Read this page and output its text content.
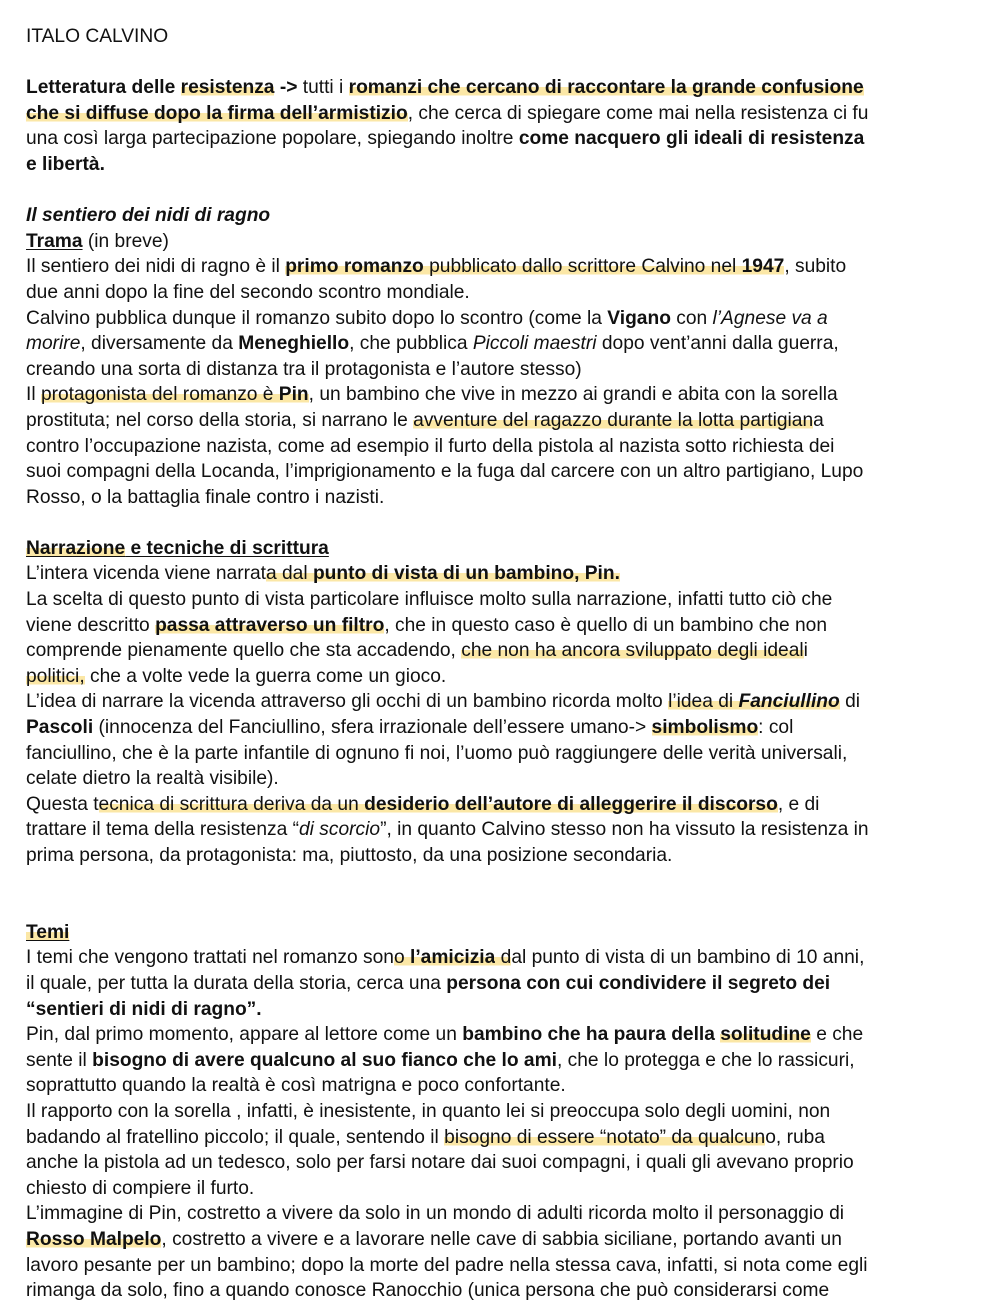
ITALO CALVINO
Letteratura delle resistenza -> tutti i romanzi che cercano di raccontare la grande confusione
che si diffuse dopo la firma dell’armistizio, che cerca di spiegare come mai nella resistenza ci fu
una così larga partecipazione popolare, spiegando inoltre come nacquero gli ideali di resistenza
e libertà.
Il sentiero dei nidi di ragno
Trama (in breve)
Il sentiero dei nidi di ragno è il primo romanzo pubblicato dallo scrittore Calvino nel 1947, subito
due anni dopo la fine del secondo scontro mondiale.
Calvino pubblica dunque il romanzo subito dopo lo scontro (come la Vigano con l’Agnese va a
morire, diversamente da Meneghiello, che pubblica Piccoli maestri dopo vent’anni dalla guerra,
creando una sorta di distanza tra il protagonista e l’autore stesso)
Il protagonista del romanzo è Pin, un bambino che vive in mezzo ai grandi e abita con la sorella
prostituta; nel corso della storia, si narrano le avventure del ragazzo durante la lotta partigiana
contro l’occupazione nazista, come ad esempio il furto della pistola al nazista sotto richiesta dei
suoi compagni della Locanda, l’imprigionamento e la fuga dal carcere con un altro partigiano, Lupo
Rosso, o la battaglia finale contro i nazisti.
Narrazione e tecniche di scrittura
L’intera vicenda viene narrata dal punto di vista di un bambino, Pin.
La scelta di questo punto di vista particolare influisce molto sulla narrazione, infatti tutto ciò che
viene descritto passa attraverso un filtro, che in questo caso è quello di un bambino che non
comprende pienamente quello che sta accadendo, che non ha ancora sviluppato degli ideali
politici, che a volte vede la guerra come un gioco.
L’idea di narrare la vicenda attraverso gli occhi di un bambino ricorda molto l’idea di Fanciullino di
Pascoli (innocenza del Fanciullino, sfera irrazionale dell’essere umano-> simbolismo: col
fanciullino, che è la parte infantile di ognuno fi noi, l’uomo può raggiungere delle verità universali,
celate dietro la realtà visibile).
Questa tecnica di scrittura deriva da un desiderio dell’autore di alleggerire il discorso, e di
trattare il tema della resistenza “di scorcio”, in quanto Calvino stesso non ha vissuto la resistenza in
prima persona, da protagonista: ma, piuttosto, da una posizione secondaria.
Temi
I temi che vengono trattati nel romanzo sono l’amicizia dal punto di vista di un bambino di 10 anni,
il quale, per tutta la durata della storia, cerca una persona con cui condividere il segreto dei
“sentieri di nidi di ragno”.
Pin, dal primo momento, appare al lettore come un bambino che ha paura della solitudine e che
sente il bisogno di avere qualcuno al suo fianco che lo ami, che lo protegga e che lo rassicuri,
soprattutto quando la realtà è così matrigna e poco confortante.
Il rapporto con la sorella , infatti, è inesistente, in quanto lei si preoccupa solo degli uomini, non
badando al fratellino piccolo; il quale, sentendo il bisogno di essere “notato” da qualcuno, ruba
anche la pistola ad un tedesco, solo per farsi notare dai suoi compagni, i quali gli avevano proprio
chiesto di compiere il furto.
L’immagine di Pin, costretto a vivere da solo in un mondo di adulti ricorda molto il personaggio di
Rosso Malpelo, costretto a vivere e a lavorare nelle cave di sabbia siciliane, portando avanti un
lavoro pesante per un bambino; dopo la morte del padre nella stessa cava, infatti, si nota come egli
rimanga da solo, fino a quando conosce Ranocchio (unica persona che può considerarsi come
